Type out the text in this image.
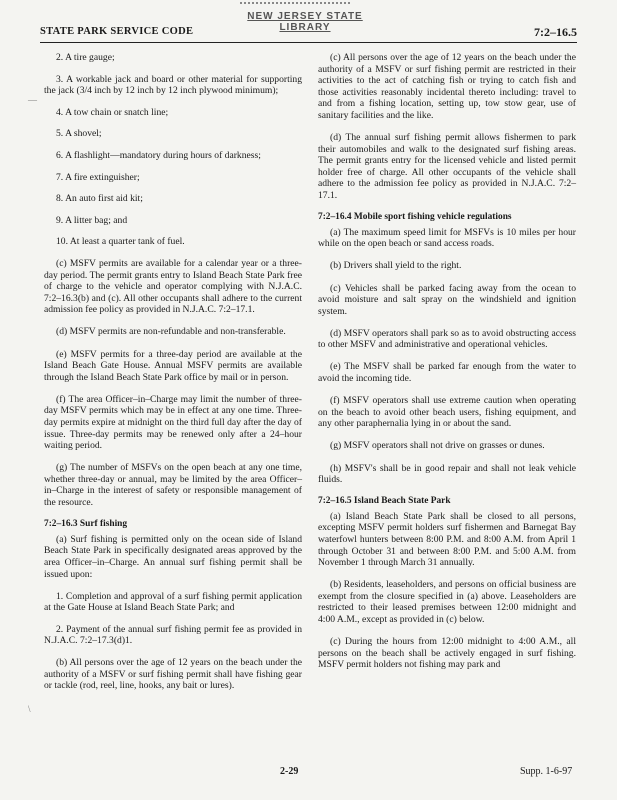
NEW JERSEY STATE LIBRARY
STATE PARK SERVICE CODE	7:2–16.5

2. A tire gauge;

3. A workable jack and board or other material for supporting the jack (3/4 inch by 12 inch by 12 inch plywood minimum);

4. A tow chain or snatch line;

5. A shovel;

6. A flashlight—mandatory during hours of darkness;

7. A fire extinguisher;

8. An auto first aid kit;

9. A litter bag; and

10. At least a quarter tank of fuel.

(c) MSFV permits are available for a calendar year or a three-day period. The permit grants entry to Island Beach State Park free of charge to the vehicle and operator complying with N.J.A.C. 7:2–16.3(b) and (c). All other occupants shall adhere to the current admission fee policy as provided in N.J.A.C. 7:2–17.1.

(d) MSFV permits are non-refundable and non-transferable.

(e) MSFV permits for a three-day period are available at the Island Beach Gate House. Annual MSFV permits are available through the Island Beach State Park office by mail or in person.

(f) The area Officer–in–Charge may limit the number of three-day MSFV permits which may be in effect at any one time. Three-day permits expire at midnight on the third full day after the day of issue. Three-day permits may be renewed only after a 24–hour waiting period.

(g) The number of MSFVs on the open beach at any one time, whether three-day or annual, may be limited by the area Officer–in–Charge in the interest of safety or responsible management of the resource.

7:2–16.3 Surf fishing

(a) Surf fishing is permitted only on the ocean side of Island Beach State Park in specifically designated areas approved by the area Officer–in–Charge. An annual surf fishing permit shall be issued upon:

1. Completion and approval of a surf fishing permit application at the Gate House at Island Beach State Park; and

2. Payment of the annual surf fishing permit fee as provided in N.J.A.C. 7:2–17.3(d)1.

(b) All persons over the age of 12 years on the beach under the authority of a MSFV or surf fishing permit shall have fishing gear or tackle (rod, reel, line, hooks, any bait or lures).

(c) All persons over the age of 12 years on the beach under the authority of a MSFV or surf fishing permit are restricted in their activities to the act of catching fish or trying to catch fish and those activities reasonably incidental thereto including: travel to and from a fishing location, setting up, tow stow gear, use of sanitary facilities and the like.

(d) The annual surf fishing permit allows fishermen to park their automobiles and walk to the designated surf fishing areas. The permit grants entry for the licensed vehicle and listed permit holder free of charge. All other occupants of the vehicle shall adhere to the admission fee policy as provided in N.J.A.C. 7:2–17.1.

7:2–16.4 Mobile sport fishing vehicle regulations

(a) The maximum speed limit for MSFVs is 10 miles per hour while on the open beach or sand access roads.

(b) Drivers shall yield to the right.

(c) Vehicles shall be parked facing away from the ocean to avoid moisture and salt spray on the windshield and ignition system.

(d) MSFV operators shall park so as to avoid obstructing access to other MSFV and administrative and operational vehicles.

(e) The MSFV shall be parked far enough from the water to avoid the incoming tide.

(f) MSFV operators shall use extreme caution when operating on the beach to avoid other beach users, fishing equipment, and any other paraphernalia lying in or about the sand.

(g) MSFV operators shall not drive on grasses or dunes.

(h) MSFV's shall be in good repair and shall not leak vehicle fluids.

7:2–16.5 Island Beach State Park

(a) Island Beach State Park shall be closed to all persons, excepting MSFV permit holders surf fishermen and Barnegat Bay waterfowl hunters between 8:00 P.M. and 8:00 A.M. from April 1 through October 31 and between 8:00 P.M. and 5:00 A.M. from November 1 through March 31 annually.

(b) Residents, leaseholders, and persons on official business are exempt from the closure specified in (a) above. Leaseholders are restricted to their leased premises between 12:00 midnight and 4:00 A.M., except as provided in (c) below.

(c) During the hours from 12:00 midnight to 4:00 A.M., all persons on the beach shall be actively engaged in surf fishing. MSFV permit holders not fishing may park and

—
\
2-29	Supp. 1-6-97
